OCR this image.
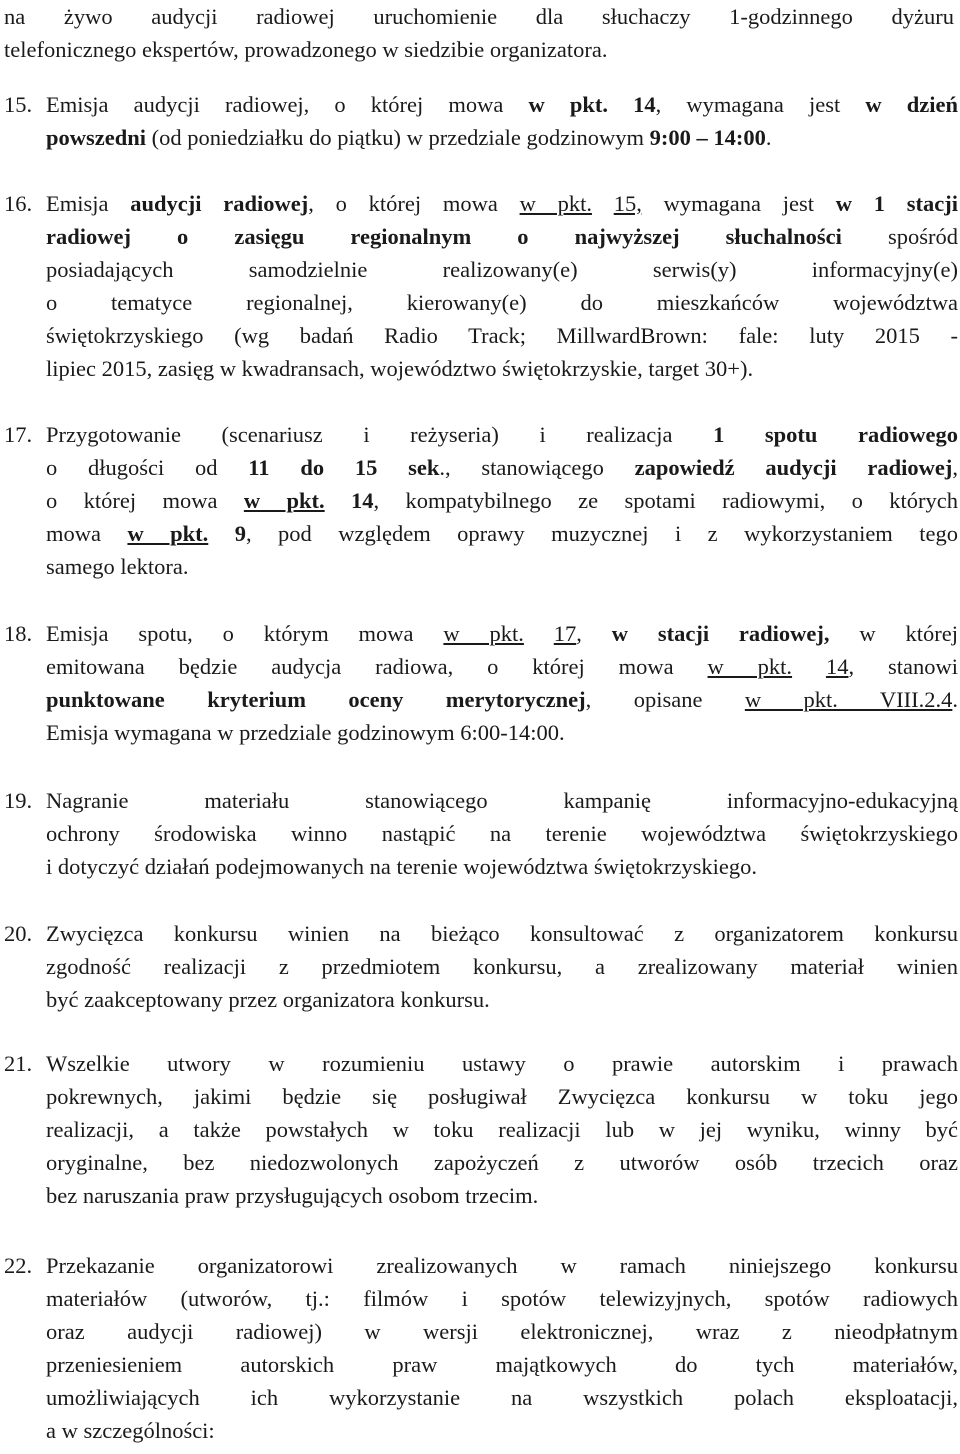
na żywo audycji radiowej uruchomienie dla słuchaczy 1-godzinnego dyżuru
telefonicznego ekspertów, prowadzonego w siedzibie organizatora.
15. Emisja audycji radiowej, o której mowa w pkt. 14, wymagana jest w dzień
powszedni (od poniedziałku do piątku) w przedziale godzinowym 9:00 – 14:00.
16. Emisja audycji radiowej, o której mowa w pkt. 15, wymagana jest w 1 stacji
radiowej o zasięgu regionalnym o najwyższej słuchalności spośród
posiadających samodzielnie realizowany(e) serwis(y) informacyjny(e)
o tematyce regionalnej, kierowany(e) do mieszkańców województwa
świętokrzyskiego (wg badań Radio Track; MillwardBrown: fale: luty 2015 -
lipiec 2015, zasięg w kwadransach, województwo świętokrzyskie, target 30+).
17. Przygotowanie (scenariusz i reżyseria) i realizacja 1 spotu radiowego
o długości od 11 do 15 sek., stanowiącego zapowiedź audycji radiowej,
o której mowa w pkt. 14, kompatybilnego ze spotami radiowymi, o których
mowa w pkt. 9, pod względem oprawy muzycznej i z wykorzystaniem tego
samego lektora.
18. Emisja spotu, o którym mowa w pkt. 17, w stacji radiowej, w której
emitowana będzie audycja radiowa, o której mowa w pkt. 14, stanowi
punktowane kryterium oceny merytorycznej, opisane w pkt. VIII.2.4.
Emisja wymagana w przedziale godzinowym 6:00-14:00.
19. Nagranie materiału stanowiącego kampanię informacyjno-edukacyjną
ochrony środowiska winno nastąpić na terenie województwa świętokrzyskiego
i dotyczyć działań podejmowanych na terenie województwa świętokrzyskiego.
20. Zwycięzca konkursu winien na bieżąco konsultować z organizatorem konkursu
zgodność realizacji z przedmiotem konkursu, a zrealizowany materiał winien
być zaakceptowany przez organizatora konkursu.
21. Wszelkie utwory w rozumieniu ustawy o prawie autorskim i prawach
pokrewnych, jakimi będzie się posługiwał Zwycięzca konkursu w toku jego
realizacji, a także powstałych w toku realizacji lub w jej wyniku, winny być
oryginalne, bez niedozwolonych zapożyczeń z utworów osób trzecich oraz
bez naruszania praw przysługujących osobom trzecim.
22. Przekazanie organizatorowi zrealizowanych w ramach niniejszego konkursu
materiałów (utworów, tj.: filmów i spotów telewizyjnych, spotów radiowych
oraz audycji radiowej) w wersji elektronicznej, wraz z nieodpłatnym
przeniesieniem autorskich praw majątkowych do tych materiałów,
umożliwiających ich wykorzystanie na wszystkich polach eksploatacji,
a w szczególności:
